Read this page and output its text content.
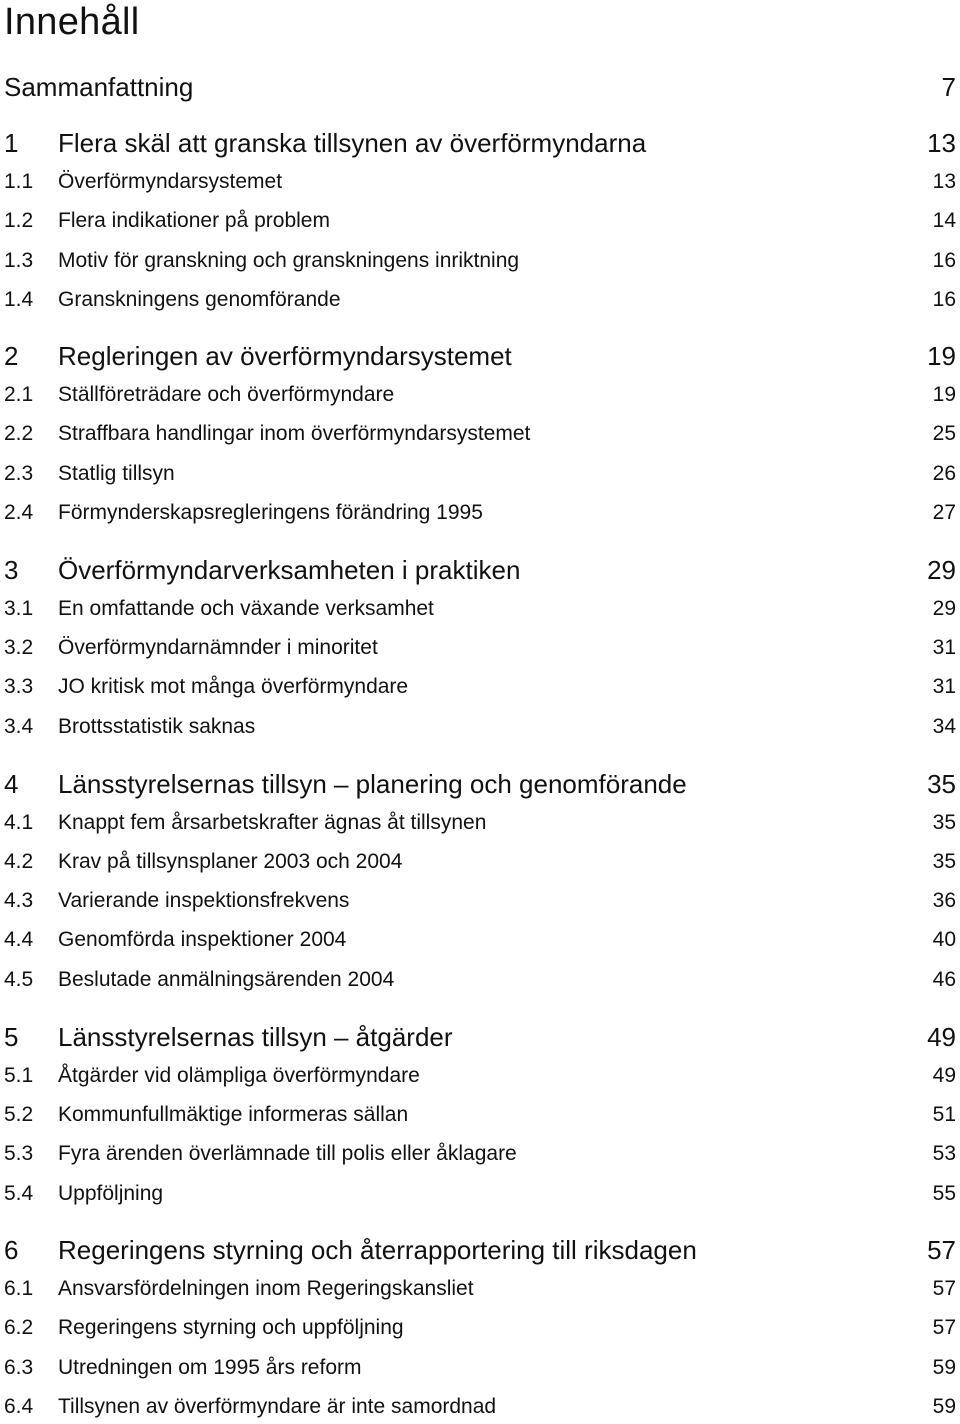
Innehåll
Sammanfattning	7
1 Flera skäl att granska tillsynen av överförmyndarna	13
1.1 Överförmyndarsystemet	13
1.2 Flera indikationer på problem	14
1.3 Motiv för granskning och granskningens inriktning	16
1.4 Granskningens genomförande	16
2 Regleringen av överförmyndarsystemet	19
2.1 Ställföreträdare och överförmyndare	19
2.2 Straffbara handlingar inom överförmyndarsystemet	25
2.3 Statlig tillsyn	26
2.4 Förmynderskapsregleringens förändring 1995	27
3 Överförmyndarverksamheten i praktiken	29
3.1 En omfattande och växande verksamhet	29
3.2 Överförmyndarnämnder i minoritet	31
3.3 JO kritisk mot många överförmyndare	31
3.4 Brottsstatistik saknas	34
4 Länsstyrelsernas tillsyn – planering och genomförande	35
4.1 Knappt fem årsarbetskrafter ägnas åt tillsynen	35
4.2 Krav på tillsynsplaner 2003 och 2004	35
4.3 Varierande inspektionsfrekvens	36
4.4 Genomförda inspektioner 2004	40
4.5 Beslutade anmälningsärenden 2004	46
5 Länsstyrelsernas tillsyn – åtgärder	49
5.1 Åtgärder vid olämpliga överförmyndare	49
5.2 Kommunfullmäktige informeras sällan	51
5.3 Fyra ärenden överlämnade till polis eller åklagare	53
5.4 Uppföljning	55
6 Regeringens styrning och återrapportering till riksdagen	57
6.1 Ansvarsfördelningen inom Regeringskansliet	57
6.2 Regeringens styrning och uppföljning	57
6.3 Utredningen om 1995 års reform	59
6.4 Tillsynen av överförmyndare är inte samordnad	59
